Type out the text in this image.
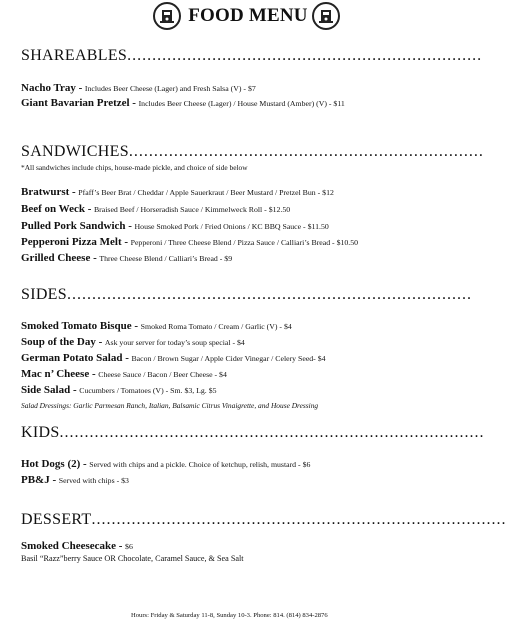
FOOD MENU
SHAREABLES.......................................................................
Nacho Tray - Includes Beer Cheese (Lager) and Fresh Salsa (V) - $7
Giant Bavarian Pretzel - Includes Beer Cheese (Lager) / House Mustard (Amber) (V) - $11
SANDWICHES.......................................................................
*All sandwiches include chips, house-made pickle, and choice of side below
Bratwurst - Pfaff’s Beer Brat / Cheddar / Apple Sauerkraut / Beer Mustard / Pretzel Bun - $12
Beef on Weck - Braised Beef / Horseradish Sauce / Kimmelweck Roll - $12.50
Pulled Pork Sandwich - House Smoked Pork / Fried Onions / KC BBQ Sauce - $11.50
Pepperoni Pizza Melt - Pepperoni / Three Cheese Blend / Pizza Sauce / Calliari’s Bread - $10.50
Grilled Cheese - Three Cheese Blend / Calliari’s Bread - $9
SIDES.................................................................................
Smoked Tomato Bisque - Smoked Roma Tomato / Cream / Garlic (V) - $4
Soup of the Day - Ask your server for today’s soup special - $4
German Potato Salad - Bacon / Brown Sugar / Apple Cider Vinegar / Celery Seed- $4
Mac n’ Cheese - Cheese Sauce / Bacon / Beer Cheese - $4
Side Salad - Cucumbers / Tomatoes (V) - Sm. $3, Lg. $5
Salad Dressings: Garlic Parmesan Ranch, Italian, Balsamic Citrus Vinaigrette, and House Dressing
KIDS.....................................................................................
Hot Dogs (2) - Served with chips and a pickle. Choice of ketchup, relish, mustard - $6
PB&J - Served with chips - $3
DESSERT...................................................................................
Smoked Cheesecake - $6
Basil “Razz”berry Sauce OR Chocolate, Caramel Sauce, & Sea Salt
Hours: Friday & Saturday 11-8, Sunday 10-3. Phone: 814. (814) 834-2876
